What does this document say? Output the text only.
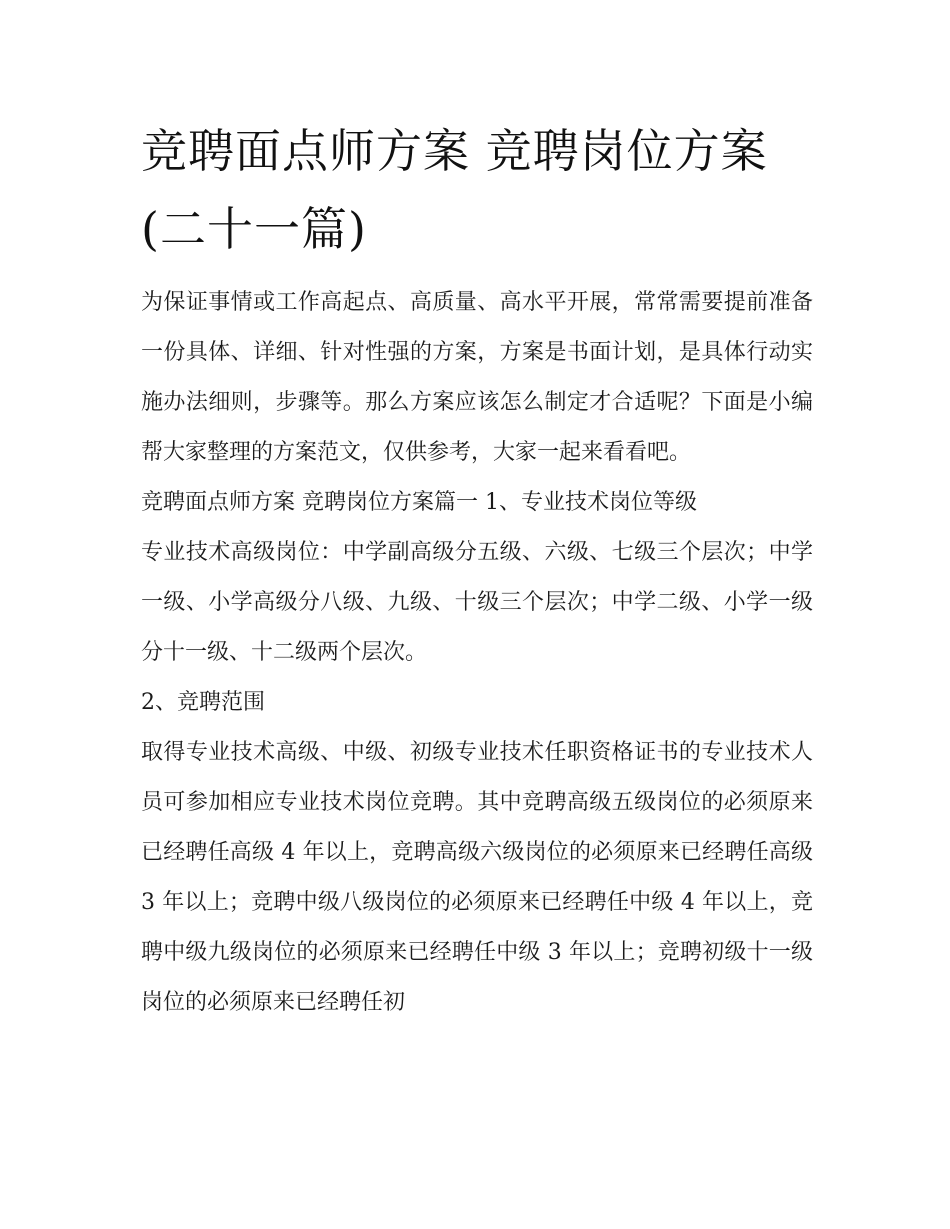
竞聘面点师方案 竞聘岗位方案(二十一篇)

为保证事情或工作高起点、高质量、高水平开展，常常需要提前准备一份具体、详细、针对性强的方案，方案是书面计划，是具体行动实施办法细则，步骤等。那么方案应该怎么制定才合适呢？下面是小编帮大家整理的方案范文，仅供参考，大家一起来看看吧。

竞聘面点师方案 竞聘岗位方案篇一 1、专业技术岗位等级

专业技术高级岗位：中学副高级分五级、六级、七级三个层次；中学一级、小学高级分八级、九级、十级三个层次；中学二级、小学一级分十一级、十二级两个层次。

2、竞聘范围

取得专业技术高级、中级、初级专业技术任职资格证书的专业技术人员可参加相应专业技术岗位竞聘。其中竞聘高级五级岗位的必须原来已经聘任高级 4 年以上，竞聘高级六级岗位的必须原来已经聘任高级 3 年以上；竞聘中级八级岗位的必须原来已经聘任中级 4 年以上，竞聘中级九级岗位的必须原来已经聘任中级 3 年以上；竞聘初级十一级岗位的必须原来已经聘任初
